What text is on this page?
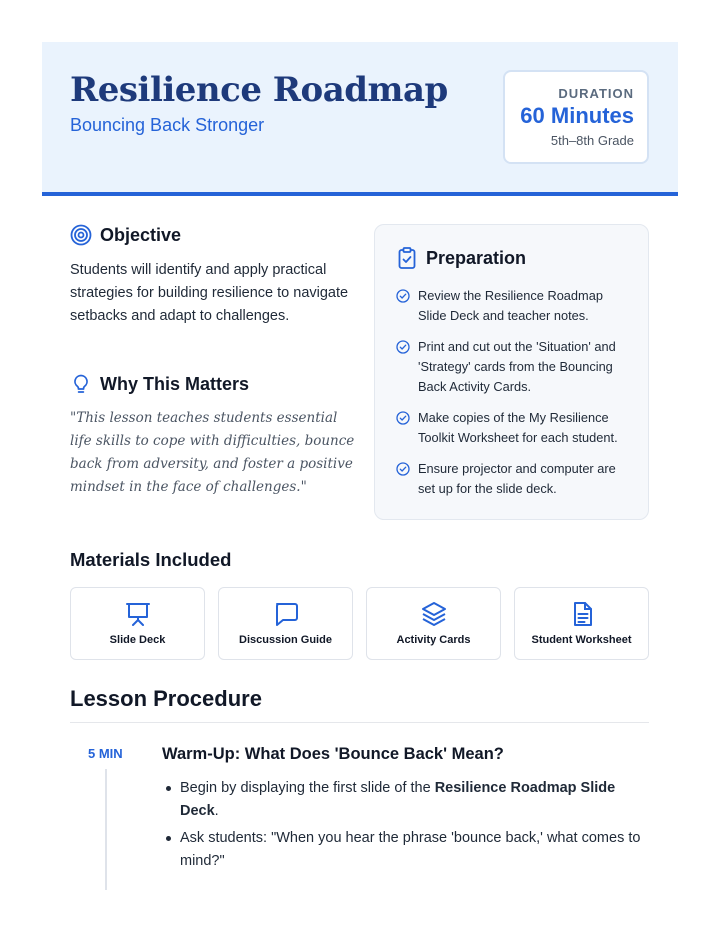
Resilience Roadmap
Bouncing Back Stronger
DURATION
60 Minutes
5th–8th Grade
Objective
Students will identify and apply practical strategies for building resilience to navigate setbacks and adapt to challenges.
Why This Matters
"This lesson teaches students essential life skills to cope with difficulties, bounce back from adversity, and foster a positive mindset in the face of challenges."
Preparation
Review the Resilience Roadmap Slide Deck and teacher notes.
Print and cut out the 'Situation' and 'Strategy' cards from the Bouncing Back Activity Cards.
Make copies of the My Resilience Toolkit Worksheet for each student.
Ensure projector and computer are set up for the slide deck.
Materials Included
Slide Deck	Discussion Guide	Activity Cards	Student Worksheet
Lesson Procedure
5 MIN Warm-Up: What Does 'Bounce Back' Mean?
Begin by displaying the first slide of the Resilience Roadmap Slide Deck.
Ask students: "When you hear the phrase 'bounce back,' what comes to mind?"
